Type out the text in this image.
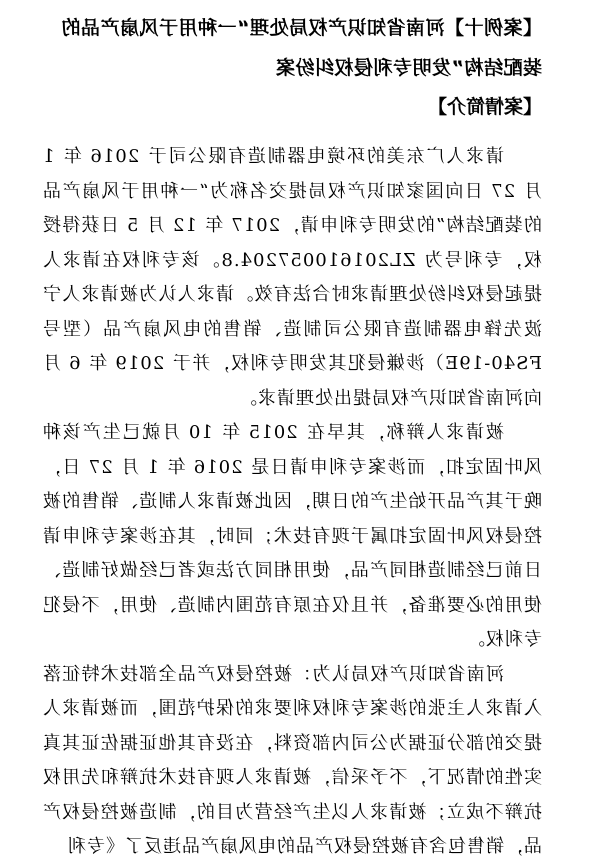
【案例十】河南省知识产权局处理“一种用于风扇产品的装配结构”发明专利侵权纠纷案
【案情简介】

请求人广东美的环境电器制造有限公司于 2016 年 1 月 27 日向国家知识产权局提交名称为“一种用于风扇产品的装配结构”的发明专利申请，2017 年 12 月 5 日获得授权，专利号为 ZL201610057204.8。该专利权在请求人提起侵权纠纷处理请求时合法有效。请求人认为被请求人宁波先锋电器制造有限公司制造、销售的电风扇产品（型号 FS40-19E）涉嫌侵犯其发明专利权，并于 2019 年 6 月向河南省知识产权局提出处理请求。

被请求人辩称，其早在 2015 年 10 月就已生产该种风叶固定扣，而涉案专利申请日是 2016 年 1 月 27 日，晚于其产品开始生产的日期，因此被请求人制造、销售的被控侵权风叶固定扣属于现有技术；同时，其在涉案专利申请日前已经制造相同产品，使用相同方法或者已经做好制造、使用的必要准备，并且仅在原有范围内制造、使用，不侵犯专利权。

河南省知识产权局认为：被控侵权产品全部技术特征落入请求人主张的涉案专利权利要求的保护范围，而被请求人提交的部分证据为公司内部资料，在没有其他证据佐证其真实性的情况下，不予采信，被请求人现有技术抗辩和先用权抗辩不成立；被请求人以生产经营为目的，制造被控侵权产品，销售包含有被控侵权产品的电风扇产品违反了《专利
